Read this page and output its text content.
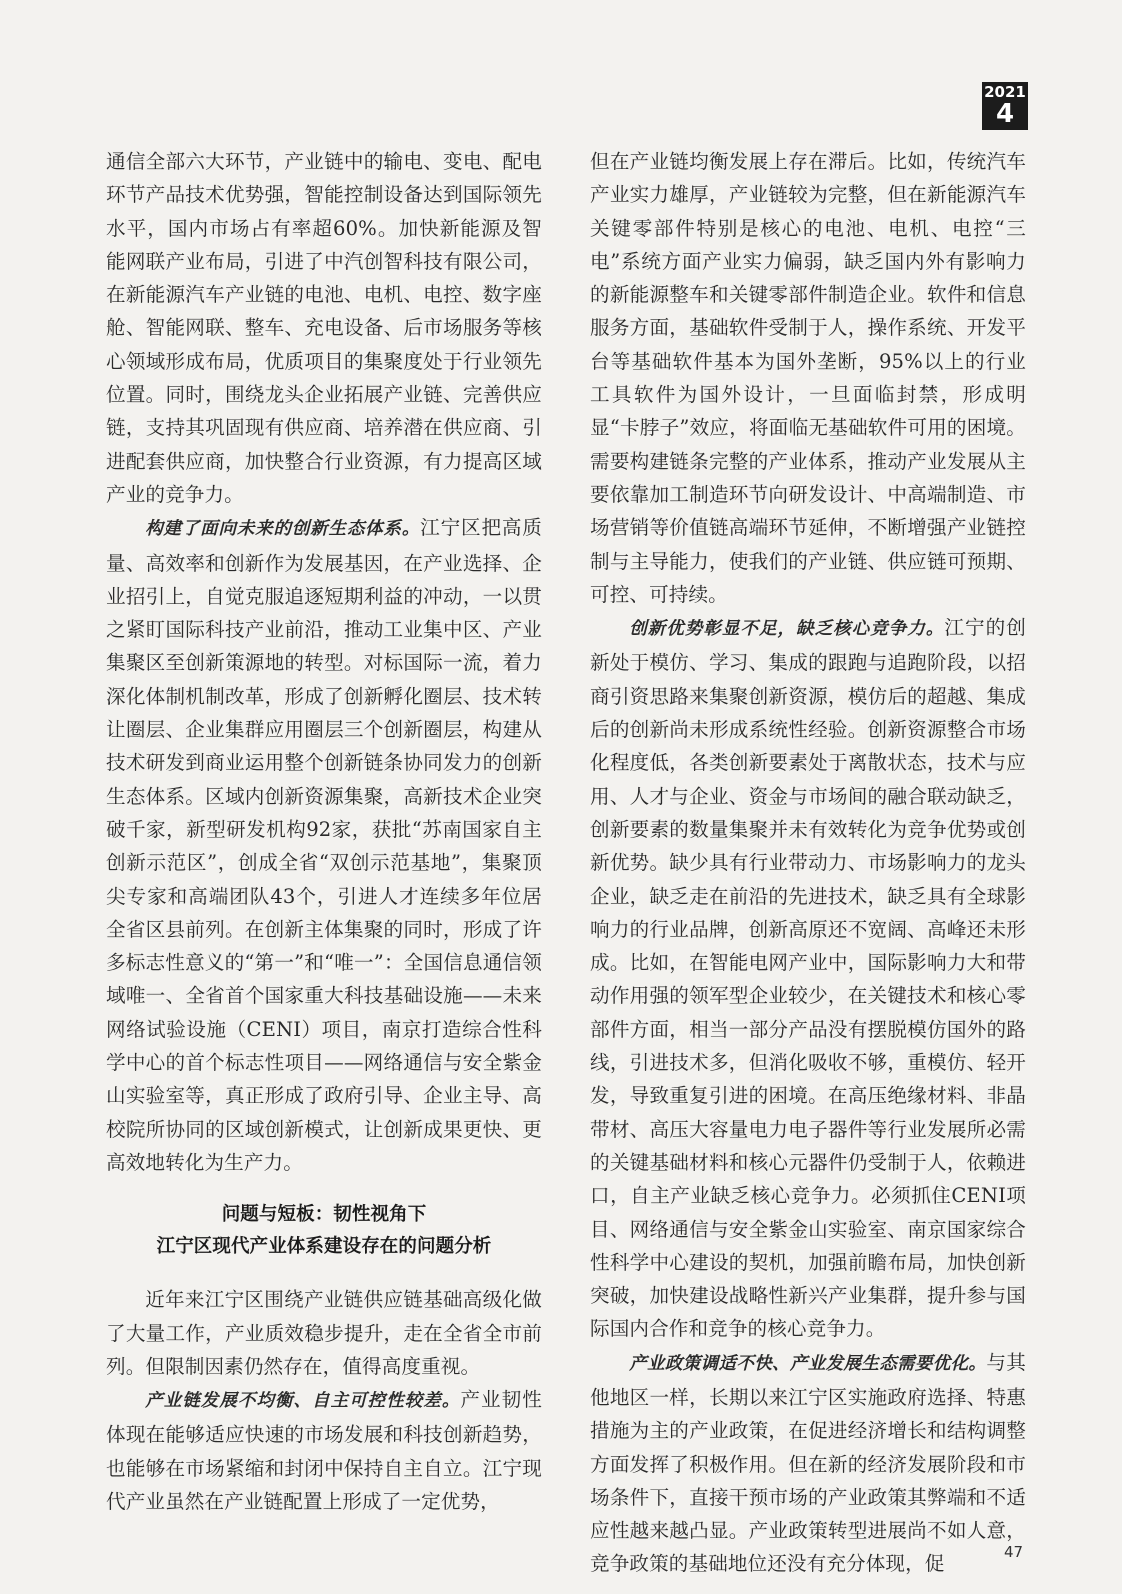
2021
4

通信全部六大环节，产业链中的输电、变电、配电环节产品技术优势强，智能控制设备达到国际领先水平，国内市场占有率超60%。加快新能源及智能网联产业布局，引进了中汽创智科技有限公司，在新能源汽车产业链的电池、电机、电控、数字座舱、智能网联、整车、充电设备、后市场服务等核心领域形成布局，优质项目的集聚度处于行业领先位置。同时，围绕龙头企业拓展产业链、完善供应链，支持其巩固现有供应商、培养潜在供应商、引进配套供应商，加快整合行业资源，有力提高区域产业的竞争力。

构建了面向未来的创新生态体系。江宁区把高质量、高效率和创新作为发展基因，在产业选择、企业招引上，自觉克服追逐短期利益的冲动，一以贯之紧盯国际科技产业前沿，推动工业集中区、产业集聚区至创新策源地的转型。对标国际一流，着力深化体制机制改革，形成了创新孵化圈层、技术转让圈层、企业集群应用圈层三个创新圈层，构建从技术研发到商业运用整个创新链条协同发力的创新生态体系。区域内创新资源集聚，高新技术企业突破千家，新型研发机构92家，获批“苏南国家自主创新示范区”，创成全省“双创示范基地”，集聚顶尖专家和高端团队43个，引进人才连续多年位居全省区县前列。在创新主体集聚的同时，形成了许多标志性意义的“第一”和“唯一”：全国信息通信领域唯一、全省首个国家重大科技基础设施——未来网络试验设施（CENI）项目，南京打造综合性科学中心的首个标志性项目——网络通信与安全紫金山实验室等，真正形成了政府引导、企业主导、高校院所协同的区域创新模式，让创新成果更快、更高效地转化为生产力。

问题与短板：韧性视角下
江宁区现代产业体系建设存在的问题分析

近年来江宁区围绕产业链供应链基础高级化做了大量工作，产业质效稳步提升，走在全省全市前列。但限制因素仍然存在，值得高度重视。

产业链发展不均衡、自主可控性较差。产业韧性体现在能够适应快速的市场发展和科技创新趋势，也能够在市场紧缩和封闭中保持自主自立。江宁现代产业虽然在产业链配置上形成了一定优势，

但在产业链均衡发展上存在滞后。比如，传统汽车产业实力雄厚，产业链较为完整，但在新能源汽车关键零部件特别是核心的电池、电机、电控“三电”系统方面产业实力偏弱，缺乏国内外有影响力的新能源整车和关键零部件制造企业。软件和信息服务方面，基础软件受制于人，操作系统、开发平台等基础软件基本为国外垄断，95%以上的行业工具软件为国外设计，一旦面临封禁，形成明显“卡脖子”效应，将面临无基础软件可用的困境。需要构建链条完整的产业体系，推动产业发展从主要依靠加工制造环节向研发设计、中高端制造、市场营销等价值链高端环节延伸，不断增强产业链控制与主导能力，使我们的产业链、供应链可预期、可控、可持续。

创新优势彰显不足，缺乏核心竞争力。江宁的创新处于模仿、学习、集成的跟跑与追跑阶段，以招商引资思路来集聚创新资源，模仿后的超越、集成后的创新尚未形成系统性经验。创新资源整合市场化程度低，各类创新要素处于离散状态，技术与应用、人才与企业、资金与市场间的融合联动缺乏，创新要素的数量集聚并未有效转化为竞争优势或创新优势。缺少具有行业带动力、市场影响力的龙头企业，缺乏走在前沿的先进技术，缺乏具有全球影响力的行业品牌，创新高原还不宽阔、高峰还未形成。比如，在智能电网产业中，国际影响力大和带动作用强的领军型企业较少，在关键技术和核心零部件方面，相当一部分产品没有摆脱模仿国外的路线，引进技术多，但消化吸收不够，重模仿、轻开发，导致重复引进的困境。在高压绝缘材料、非晶带材、高压大容量电力电子器件等行业发展所必需的关键基础材料和核心元器件仍受制于人，依赖进口，自主产业缺乏核心竞争力。必须抓住CENI项目、网络通信与安全紫金山实验室、南京国家综合性科学中心建设的契机，加强前瞻布局，加快创新突破，加快建设战略性新兴产业集群，提升参与国际国内合作和竞争的核心竞争力。

产业政策调适不快、产业发展生态需要优化。与其他地区一样，长期以来江宁区实施政府选择、特惠措施为主的产业政策，在促进经济增长和结构调整方面发挥了积极作用。但在新的经济发展阶段和市场条件下，直接干预市场的产业政策其弊端和不适应性越来越凸显。产业政策转型进展尚不如人意，竞争政策的基础地位还没有充分体现，促

47
